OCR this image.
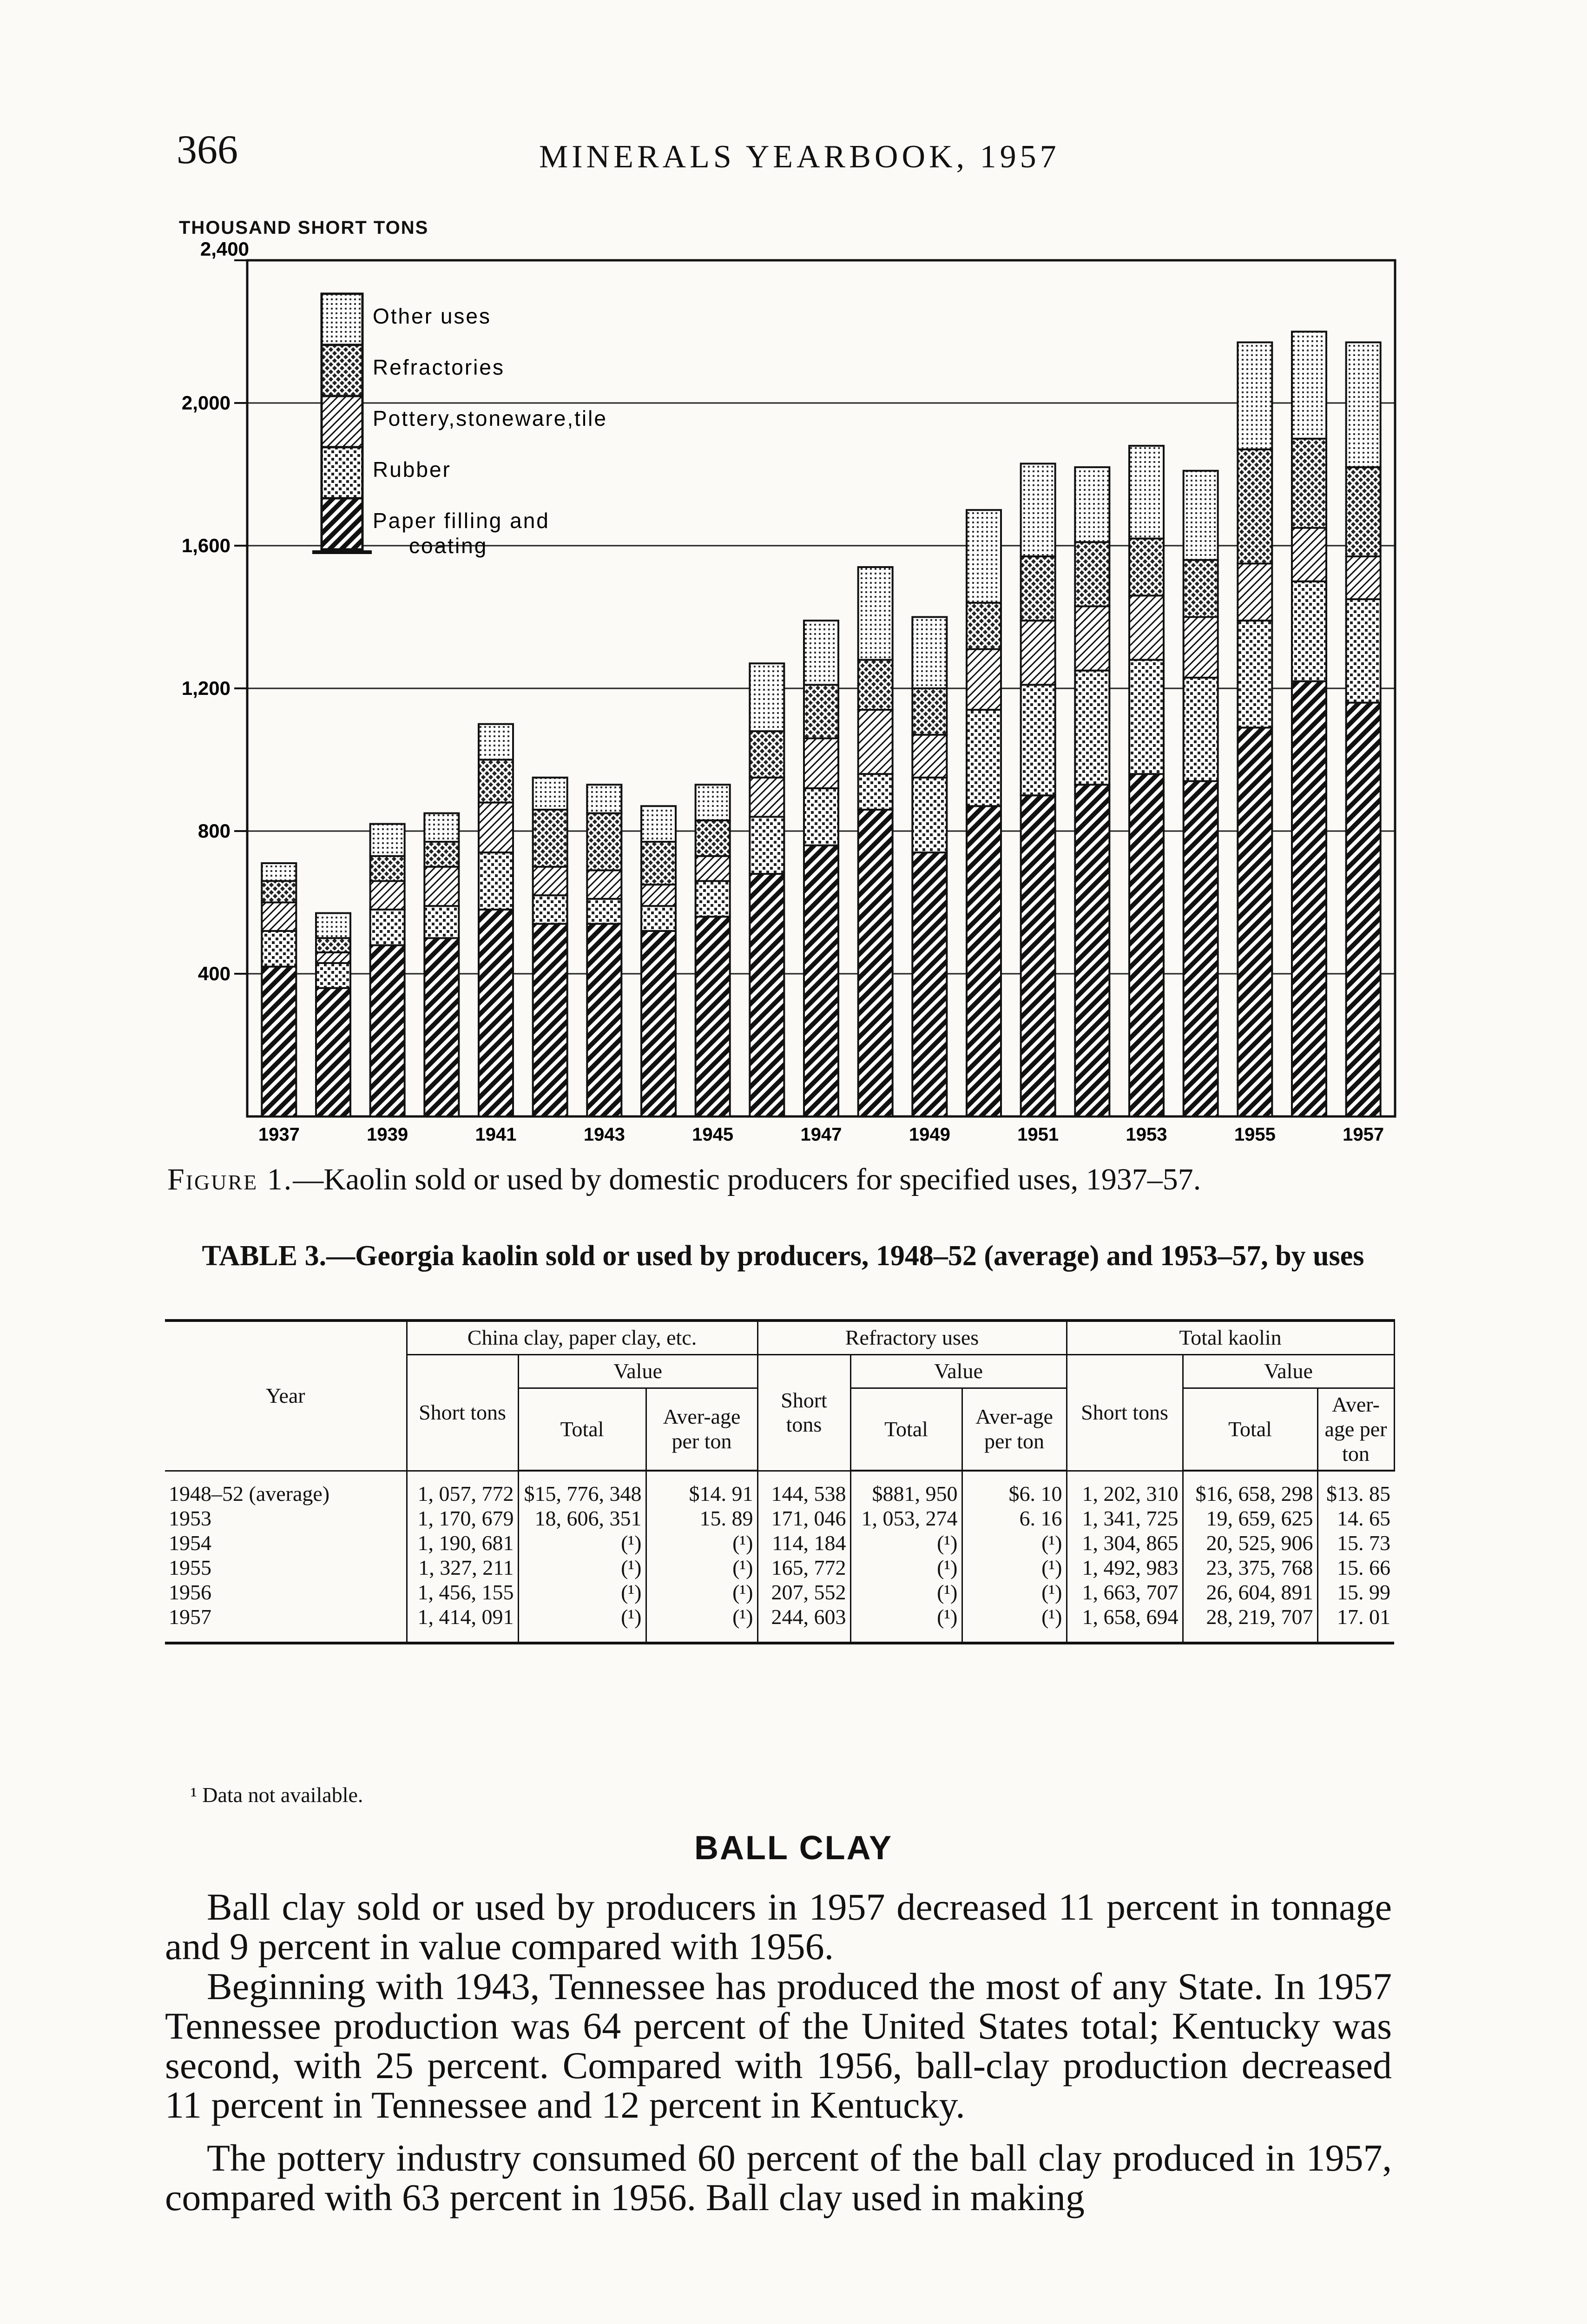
366	MINERALS YEARBOOK, 1957
THOUSAND SHORT TONS
400
800
1,200
1,600
2,000
2,400
1937	1939	1941	1943	1945	1947	1949	1951	1953	1955	1957
Other uses
Refractories
Pottery,stoneware,tile
Rubber
coating
Paper filling and
Figure 1.—Kaolin sold or used by domestic producers for specified uses, 1937–57.
TABLE 3.—Georgia kaolin sold or used by producers, 1948–52 (average) and 1953–57, by uses
Year	China clay, paper clay, etc.			Refractory uses			Total kaolin		
	Short tons	Value		Short tons	Value		Short tons	Value	
		Total	Aver-age per ton		Total	Aver-age per ton		Total	Aver-age per ton
1948–52 (average)	1, 057, 772	$15, 776, 348	$14. 91	144, 538	$881, 950	$6. 10	1, 202, 310	$16, 658, 298	$13. 85
1953	1, 170, 679	18, 606, 351	15. 89	171, 046	1, 053, 274	6. 16	1, 341, 725	19, 659, 625	14. 65
1954	1, 190, 681	(¹)	(¹)	114, 184	(¹)	(¹)	1, 304, 865	20, 525, 906	15. 73
1955	1, 327, 211	(¹)	(¹)	165, 772	(¹)	(¹)	1, 492, 983	23, 375, 768	15. 66
1956	1, 456, 155	(¹)	(¹)	207, 552	(¹)	(¹)	1, 663, 707	26, 604, 891	15. 99
1957	1, 414, 091	(¹)	(¹)	244, 603	(¹)	(¹)	1, 658, 694	28, 219, 707	17. 01
¹ Data not available.
BALL CLAY

Ball clay sold or used by producers in 1957 decreased 11 percent in tonnage and 9 percent in value compared with 1956.

Beginning with 1943, Tennessee has produced the most of any State. In 1957 Tennessee production was 64 percent of the United States total; Kentucky was second, with 25 percent. Compared with 1956, ball-clay production decreased 11 percent in Tennessee and 12 percent in Kentucky.

The pottery industry consumed 60 percent of the ball clay produced in 1957, compared with 63 percent in 1956. Ball clay used in making
